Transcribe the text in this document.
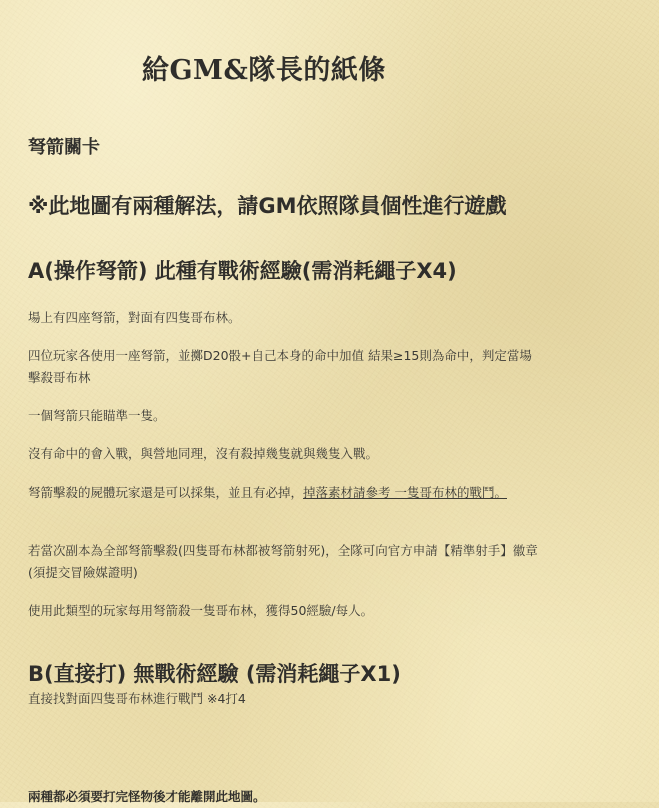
給GM&隊長的紙條
弩箭關卡
※此地圖有兩種解法，請GM依照隊員個性進行遊戲
A(操作弩箭) 此種有戰術經驗(需消耗繩子X4)

場上有四座弩箭，對面有四隻哥布林。

四位玩家各使用一座弩箭，並擲D20骰+自己本身的命中加值 結果≥15則為命中，判定當場擊殺哥布林

一個弩箭只能瞄準一隻。

沒有命中的會入戰，與營地同理，沒有殺掉幾隻就與幾隻入戰。

弩箭擊殺的屍體玩家還是可以採集，並且有必掉，掉落素材請參考 一隻哥布林的戰鬥。

若當次副本為全部弩箭擊殺(四隻哥布林都被弩箭射死)，全隊可向官方申請【精準射手】徽章 (須提交冒險媒證明)

使用此類型的玩家每用弩箭殺一隻哥布林，獲得50經驗/每人。

B(直接打) 無戰術經驗 (需消耗繩子X1)

直接找對面四隻哥布林進行戰鬥 ※4打4

兩種都必須要打完怪物後才能離開此地圖。
